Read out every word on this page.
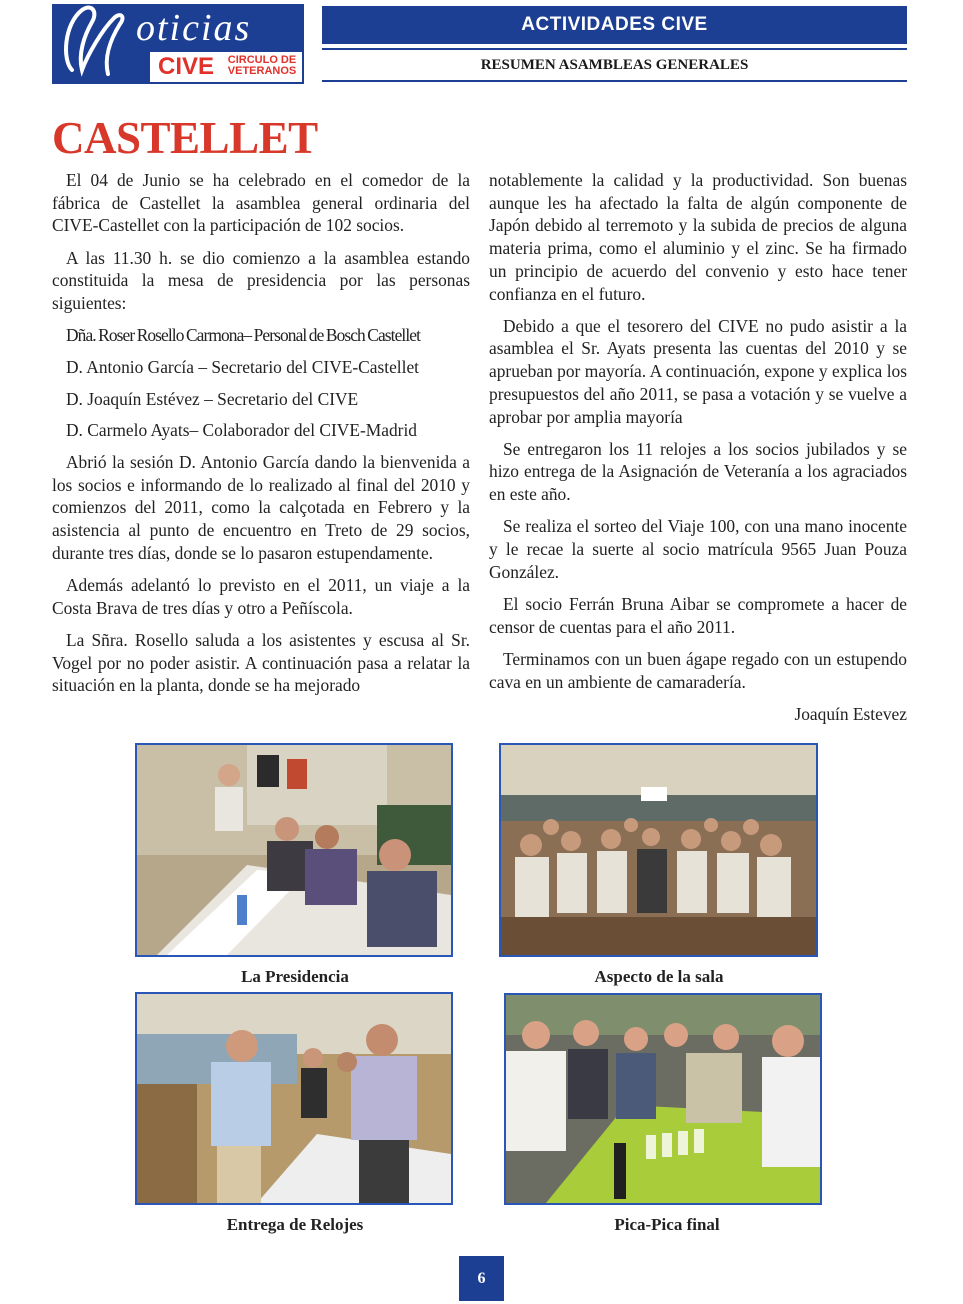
oticias
CIVE	CIRCULO DE
VETERANOS
ACTIVIDADES CIVE
RESUMEN ASAMBLEAS GENERALES
CASTELLET

El 04 de Junio se ha celebrado en el comedor de la fábrica de Castellet la asamblea general ordinaria del CIVE-Castellet con la participación de 102 socios.

A las 11.30 h. se dio comienzo a la asamblea estando constituida la mesa de presidencia por las personas siguientes:

Dña. Roser Rosello Carmona– Personal de Bosch Castellet

D. Antonio García – Secretario del CIVE-Castellet

D. Joaquín Estévez – Secretario del CIVE

D. Carmelo Ayats– Colaborador del CIVE-Madrid

Abrió la sesión D. Antonio García dando la bienvenida a los socios e informando de lo realizado al final del 2010 y comienzos del 2011, como la calçotada en Febrero y la asistencia al punto de encuentro en Treto de 29 socios, durante tres días, donde se lo pasaron estupendamente.

Además adelantó lo previsto en el 2011, un viaje a la Costa Brava de tres días y otro a Peñíscola.

La Sñra. Rosello saluda a los asistentes y escusa al Sr. Vogel por no poder asistir. A continuación pasa a relatar la situación en la planta, donde se ha mejorado

notablemente la calidad y la productividad. Son buenas aunque les ha afectado la falta de algún componente de Japón debido al terremoto y la subida de precios de alguna materia prima, como el aluminio y el zinc. Se ha firmado un principio de acuerdo del convenio y esto hace tener confianza en el futuro.

Debido a que el tesorero del CIVE no pudo asistir a la asamblea el Sr. Ayats presenta las cuentas del 2010 y se aprueban por mayoría. A continuación, expone y explica los presupuestos del año 2011, se pasa a votación y se vuelve a aprobar por amplia mayoría

Se entregaron los 11 relojes a los socios jubilados y se hizo entrega de la Asignación de Veteranía a los agraciados en este año.

Se realiza el sorteo del Viaje 100, con una mano inocente y le recae la suerte al socio matrícula 9565 Juan Pouza González.

El socio Ferrán Bruna Aibar se compromete a hacer de censor de cuentas para el año 2011.

Terminamos con un buen ágape regado con un estupendo cava en un ambiente de camaradería.

Joaquín Estevez

La Presidencia	Aspecto de la sala
Entrega de Relojes	Pica-Pica final
6
